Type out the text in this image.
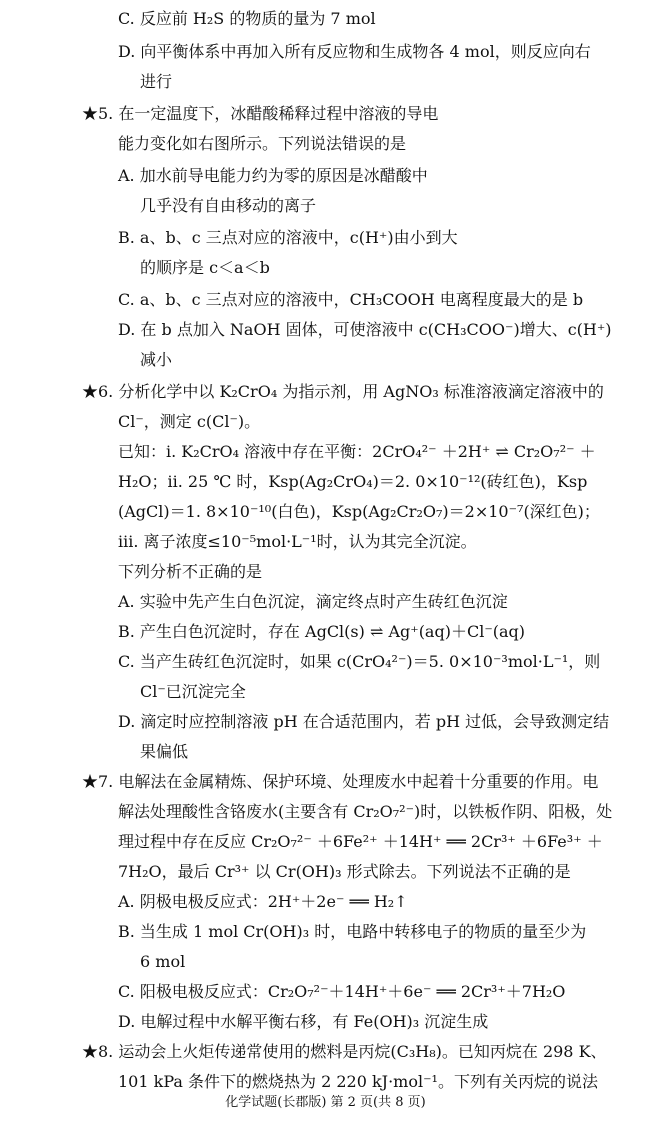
C. 反应前 H₂S 的物质的量为 7 mol
D. 向平衡体系中再加入所有反应物和生成物各 4 mol，则反应向右
进行
★5. 在一定温度下，冰醋酸稀释过程中溶液的导电
能力变化如右图所示。下列说法错误的是
A. 加水前导电能力约为零的原因是冰醋酸中
几乎没有自由移动的离子
B. a、b、c 三点对应的溶液中，c(H⁺)由小到大
的顺序是 c＜a＜b
C. a、b、c 三点对应的溶液中，CH₃COOH 电离程度最大的是 b
D. 在 b 点加入 NaOH 固体，可使溶液中 c(CH₃COO⁻)增大、c(H⁺)
减小
★6. 分析化学中以 K₂CrO₄ 为指示剂，用 AgNO₃ 标准溶液滴定溶液中的
Cl⁻，测定 c(Cl⁻)。
已知：ⅰ. K₂CrO₄ 溶液中存在平衡：2CrO₄²⁻ ＋2H⁺ ⇌ Cr₂O₇²⁻ ＋
H₂O；ⅱ. 25 ℃ 时，Ksp(Ag₂CrO₄)＝2. 0×10⁻¹²(砖红色)，Ksp
(AgCl)＝1. 8×10⁻¹⁰(白色)，Ksp(Ag₂Cr₂O₇)＝2×10⁻⁷(深红色)；
ⅲ. 离子浓度≤10⁻⁵mol·L⁻¹时，认为其完全沉淀。
下列分析不正确的是
A. 实验中先产生白色沉淀，滴定终点时产生砖红色沉淀
B. 产生白色沉淀时，存在 AgCl(s) ⇌ Ag⁺(aq)＋Cl⁻(aq)
C. 当产生砖红色沉淀时，如果 c(CrO₄²⁻)＝5. 0×10⁻³mol·L⁻¹，则
Cl⁻已沉淀完全
D. 滴定时应控制溶液 pH 在合适范围内，若 pH 过低，会导致测定结
果偏低
★7. 电解法在金属精炼、保护环境、处理废水中起着十分重要的作用。电
解法处理酸性含铬废水(主要含有 Cr₂O₇²⁻)时，以铁板作阴、阳极，处
理过程中存在反应 Cr₂O₇²⁻ ＋6Fe²⁺ ＋14H⁺ ══ 2Cr³⁺ ＋6Fe³⁺ ＋
7H₂O，最后 Cr³⁺ 以 Cr(OH)₃ 形式除去。下列说法不正确的是
A. 阴极电极反应式：2H⁺＋2e⁻ ══ H₂↑
B. 当生成 1 mol Cr(OH)₃ 时，电路中转移电子的物质的量至少为
6 mol
C. 阳极电极反应式：Cr₂O₇²⁻＋14H⁺＋6e⁻ ══ 2Cr³⁺＋7H₂O
D. 电解过程中水解平衡右移，有 Fe(OH)₃ 沉淀生成
★8. 运动会上火炬传递常使用的燃料是丙烷(C₃H₈)。已知丙烷在 298 K、
101 kPa 条件下的燃烧热为 2 220 kJ·mol⁻¹。下列有关丙烷的说法
化学试题(长郡版) 第 2 页(共 8 页)
